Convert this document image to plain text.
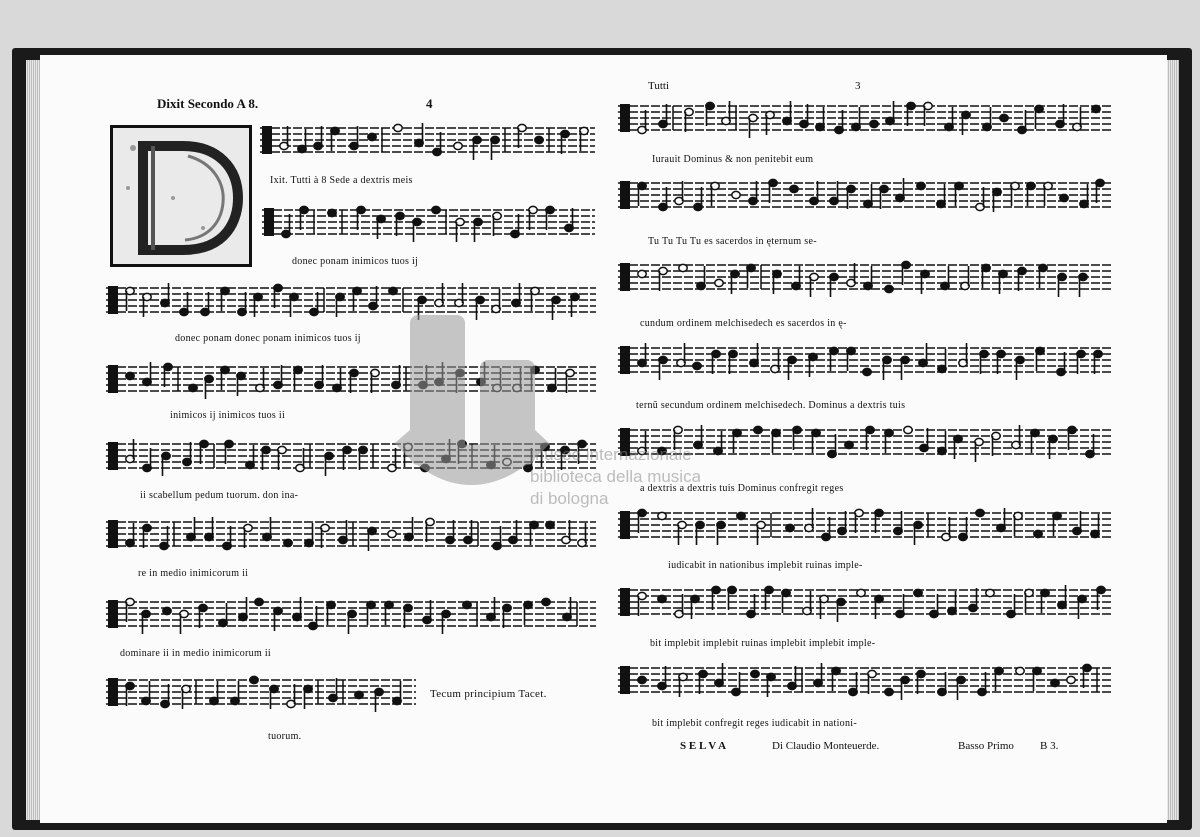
Dixit Secondo A 8.	4
Ixit. Tutti à 8 Sede a dextris meis
donec ponam inimicos tuos ij
donec ponam donec ponam inimicos tuos ij
inimicos ij inimicos tuos ii
ii scabellum pedum tuorum. don ina-
re in medio inimicorum ii
dominare ii in medio inimicorum ii
Tecum principium Tacet.
tuorum.
Tutti	3
Iurauit Dominus & non penitebit eum
Tu Tu Tu Tu es sacerdos in ęternum se-
cundum ordinem melchisedech es sacerdos in ę-
ternũ secundum ordinem melchisedech. Dominus a dextris tuis
a dextris a dextris tuis Dominus confregit reges
iudicabit in nationibus implebit ruinas imple-
bit implebit implebit ruinas implebit implebit imple-
bit implebit confregit reges iudicabit in nationi-
S E L V A	Di Claudio Monteuerde.	Basso Primo B 3.
museo internazionale
biblioteca della musica
di bologna
